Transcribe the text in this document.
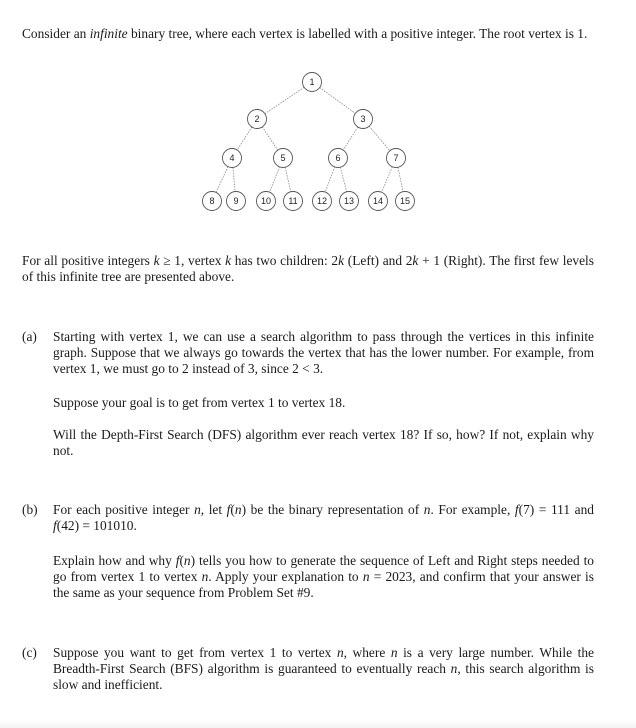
Consider an infinite binary tree, where each vertex is labelled with a positive integer. The root vertex is 1.

1
2	3
4	5	6	7
8 9 10 11 12 13 14 15

For all positive integers k ≥ 1, vertex k has two children: 2k (Left) and 2k + 1 (Right). The first few levels of this infinite tree are presented above.

(a) Starting with vertex 1, we can use a search algorithm to pass through the vertices in this infinite graph. Suppose that we always go towards the vertex that has the lower number. For example, from vertex 1, we must go to 2 instead of 3, since 2 < 3.

Suppose your goal is to get from vertex 1 to vertex 18.

Will the Depth-First Search (DFS) algorithm ever reach vertex 18? If so, how? If not, explain why not.

(b) For each positive integer n, let f(n) be the binary representation of n. For example, f(7) = 111 and f(42) = 101010.

Explain how and why f(n) tells you how to generate the sequence of Left and Right steps needed to go from vertex 1 to vertex n. Apply your explanation to n = 2023, and confirm that your answer is the same as your sequence from Problem Set #9.

(c) Suppose you want to get from vertex 1 to vertex n, where n is a very large number. While the Breadth-First Search (BFS) algorithm is guaranteed to eventually reach n, this search algorithm is slow and inefficient.
